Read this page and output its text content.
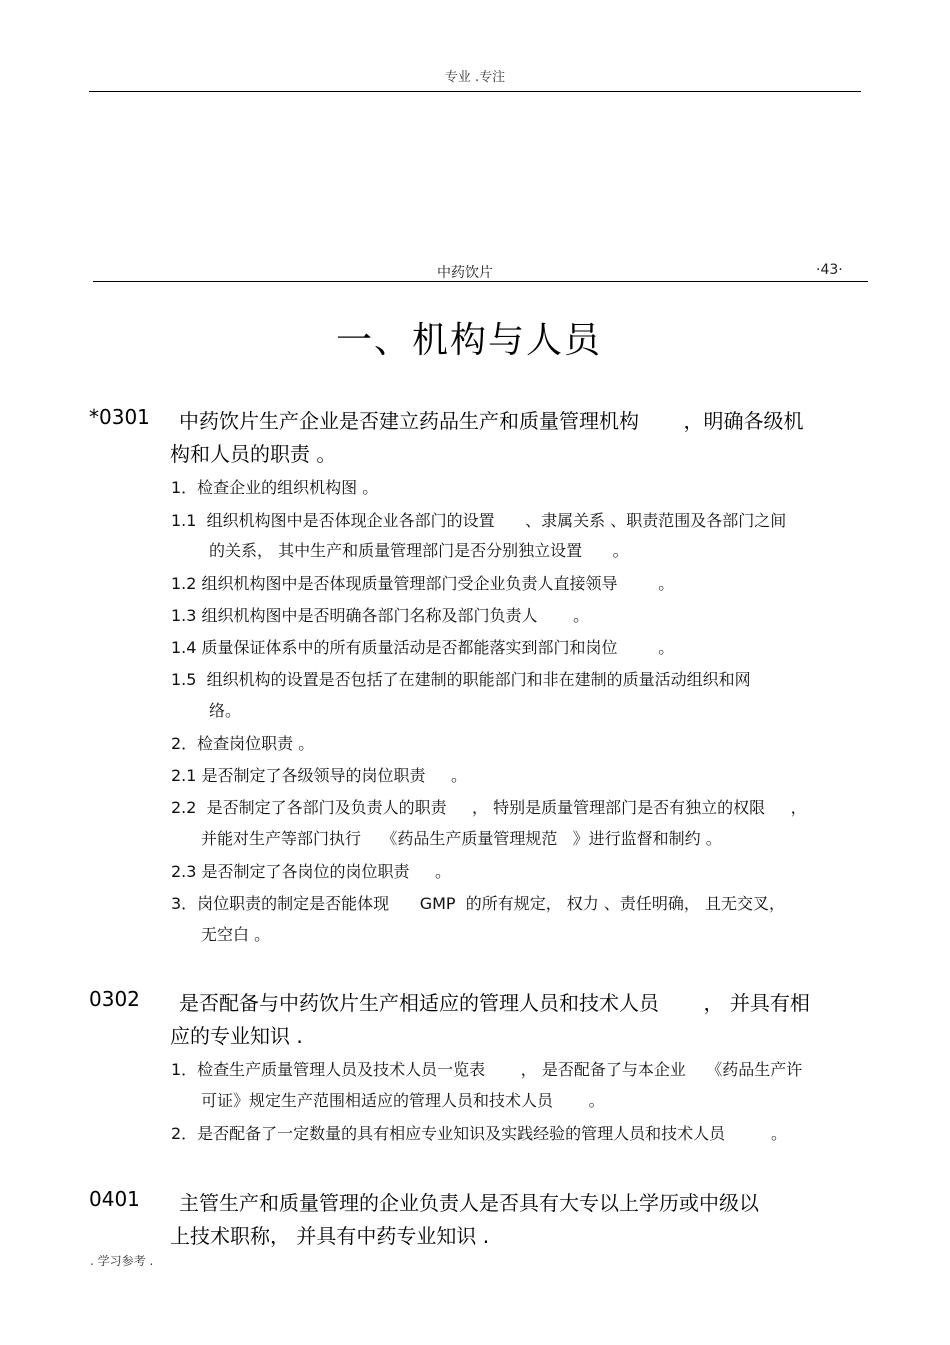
专业 .专注
中药饮片	·43·
一、机构与人员
*0301 中药饮片生产企业是否建立药品生产和质量管理机构       ，明确各级机
构和人员的职责 。
1．检查企业的组织机构图 。
1.1  组织机构图中是否体现企业各部门的设置      、隶属关系 、职责范围及各部门之间
的关系， 其中生产和质量管理部门是否分别独立设置      。
1.2 组织机构图中是否体现质量管理部门受企业负责人直接领导        。
1.3 组织机构图中是否明确各部门名称及部门负责人       。
1.4 质量保证体系中的所有质量活动是否都能落实到部门和岗位        。
1.5  组织机构的设置是否包括了在建制的职能部门和非在建制的质量活动组织和网
络。
2．检查岗位职责 。
2.1 是否制定了各级领导的岗位职责     。
2.2  是否制定了各部门及负责人的职责     ， 特别是质量管理部门是否有独立的权限     ，
并能对生产等部门执行    《药品生产质量管理规范   》进行监督和制约 。
2.3 是否制定了各岗位的岗位职责     。
3．岗位职责的制定是否能体现      GMP  的所有规定， 权力 、责任明确， 且无交叉，
无空白 。
0302 是否配备与中药饮片生产相适应的管理人员和技术人员       ， 并具有相
应的专业知识 .
1．检查生产质量管理人员及技术人员一览表       ， 是否配备了与本企业    《药品生产许
可证》规定生产范围相适应的管理人员和技术人员       。
2．是否配备了一定数量的具有相应专业知识及实践经验的管理人员和技术人员         。
0401 主管生产和质量管理的企业负责人是否具有大专以上学历或中级以
上技术职称， 并具有中药专业知识 .
. 学习参考 .
